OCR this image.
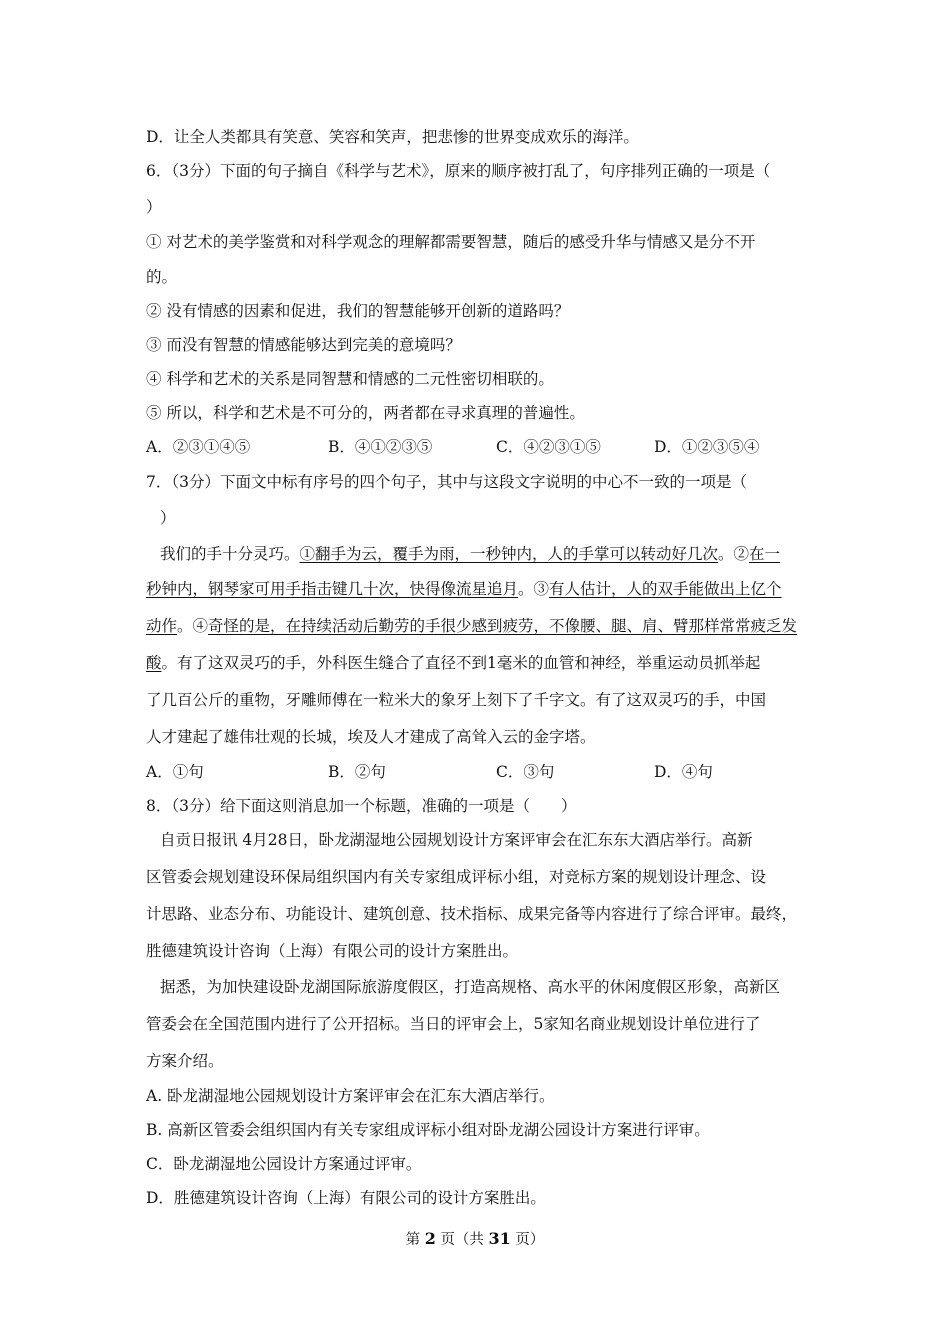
D．让全人类都具有笑意、笑容和笑声，把悲惨的世界变成欢乐的海洋。
6．（3分）下面的句子摘自《科学与艺术》，原来的顺序被打乱了，句序排列正确的一项是（
）
① 对艺术的美学鉴赏和对科学观念的理解都需要智慧，随后的感受升华与情感又是分不开
的。
② 没有情感的因素和促进，我们的智慧能够开创新的道路吗？
③ 而没有智慧的情感能够达到完美的意境吗？
④ 科学和艺术的关系是同智慧和情感的二元性密切相联的。
⑤ 所以，科学和艺术是不可分的，两者都在寻求真理的普遍性。
A．②③①④⑤	B．④①②③⑤	C．④②③①⑤	D．①②③⑤④
7．（3分）下面文中标有序号的四个句子，其中与这段文字说明的中心不一致的一项是（
）
我们的手十分灵巧。①翻手为云，覆手为雨，一秒钟内，人的手掌可以转动好几次。②在一
秒钟内，钢琴家可用手指击键几十次，快得像流星追月。③有人估计，人的双手能做出上亿个
动作。④奇怪的是，在持续活动后勤劳的手很少感到疲劳，不像腰、腿、肩、臂那样常常疲乏发
酸。有了这双灵巧的手，外科医生缝合了直径不到1毫米的血管和神经，举重运动员抓举起
了几百公斤的重物，牙雕师傅在一粒米大的象牙上刻下了千字文。有了这双灵巧的手，中国
人才建起了雄伟壮观的长城，埃及人才建成了高耸入云的金字塔。
A．①句	B．②句	C．③句	D．④句
8．（3分）给下面这则消息加一个标题，准确的一项是（　　）
自贡日报讯 4月28日，卧龙湖湿地公园规划设计方案评审会在汇东东大酒店举行。高新
区管委会规划建设环保局组织国内有关专家组成评标小组，对竞标方案的规划设计理念、设
计思路、业态分布、功能设计、建筑创意、技术指标、成果完备等内容进行了综合评审。最终，
胜德建筑设计咨询（上海）有限公司的设计方案胜出。
据悉，为加快建设卧龙湖国际旅游度假区，打造高规格、高水平的休闲度假区形象，高新区
管委会在全国范围内进行了公开招标。当日的评审会上，5家知名商业规划设计单位进行了
方案介绍。
A. 卧龙湖湿地公园规划设计方案评审会在汇东大酒店举行。
B. 高新区管委会组织国内有关专家组成评标小组对卧龙湖公园设计方案进行评审。
C．卧龙湖湿地公园设计方案通过评审。
D．胜德建筑设计咨询（上海）有限公司的设计方案胜出。
第 2 页（共 31 页）
